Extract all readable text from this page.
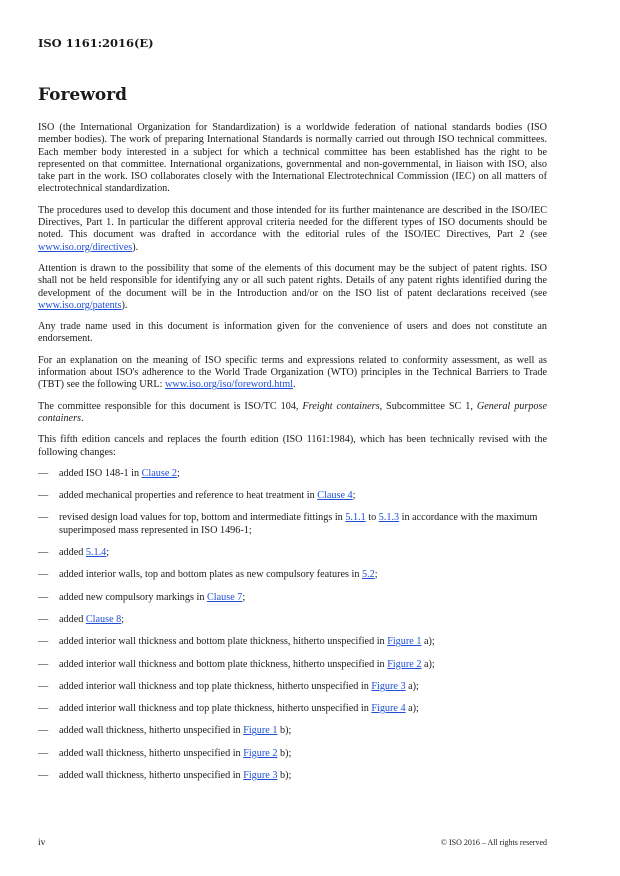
ISO 1161:2016(E)
Foreword

ISO (the International Organization for Standardization) is a worldwide federation of national standards bodies (ISO member bodies). The work of preparing International Standards is normally carried out through ISO technical committees. Each member body interested in a subject for which a technical committee has been established has the right to be represented on that committee. International organizations, governmental and non-governmental, in liaison with ISO, also take part in the work. ISO collaborates closely with the International Electrotechnical Commission (IEC) on all matters of electrotechnical standardization.

The procedures used to develop this document and those intended for its further maintenance are described in the ISO/IEC Directives, Part 1. In particular the different approval criteria needed for the different types of ISO documents should be noted. This document was drafted in accordance with the editorial rules of the ISO/IEC Directives, Part 2 (see www.iso.org/directives).

Attention is drawn to the possibility that some of the elements of this document may be the subject of patent rights. ISO shall not be held responsible for identifying any or all such patent rights. Details of any patent rights identified during the development of the document will be in the Introduction and/or on the ISO list of patent declarations received (see www.iso.org/patents).

Any trade name used in this document is information given for the convenience of users and does not constitute an endorsement.

For an explanation on the meaning of ISO specific terms and expressions related to conformity assessment, as well as information about ISO's adherence to the World Trade Organization (WTO) principles in the Technical Barriers to Trade (TBT) see the following URL: www.iso.org/iso/foreword.html.

The committee responsible for this document is ISO/TC 104, Freight containers, Subcommittee SC 1, General purpose containers.

This fifth edition cancels and replaces the fourth edition (ISO 1161:1984), which has been technically revised with the following changes:

— added ISO 148-1 in Clause 2;
— added mechanical properties and reference to heat treatment in Clause 4;
— revised design load values for top, bottom and intermediate fittings in 5.1.1 to 5.1.3 in accordance with the maximum superimposed mass represented in ISO 1496-1;
— added 5.1.4;
— added interior walls, top and bottom plates as new compulsory features in 5.2;
— added new compulsory markings in Clause 7;
— added Clause 8;
— added interior wall thickness and bottom plate thickness, hitherto unspecified in Figure 1 a);
— added interior wall thickness and bottom plate thickness, hitherto unspecified in Figure 2 a);
— added interior wall thickness and top plate thickness, hitherto unspecified in Figure 3 a);
— added interior wall thickness and top plate thickness, hitherto unspecified in Figure 4 a);
— added wall thickness, hitherto unspecified in Figure 1 b);
— added wall thickness, hitherto unspecified in Figure 2 b);
— added wall thickness, hitherto unspecified in Figure 3 b);
iv	© ISO 2016 – All rights reserved
